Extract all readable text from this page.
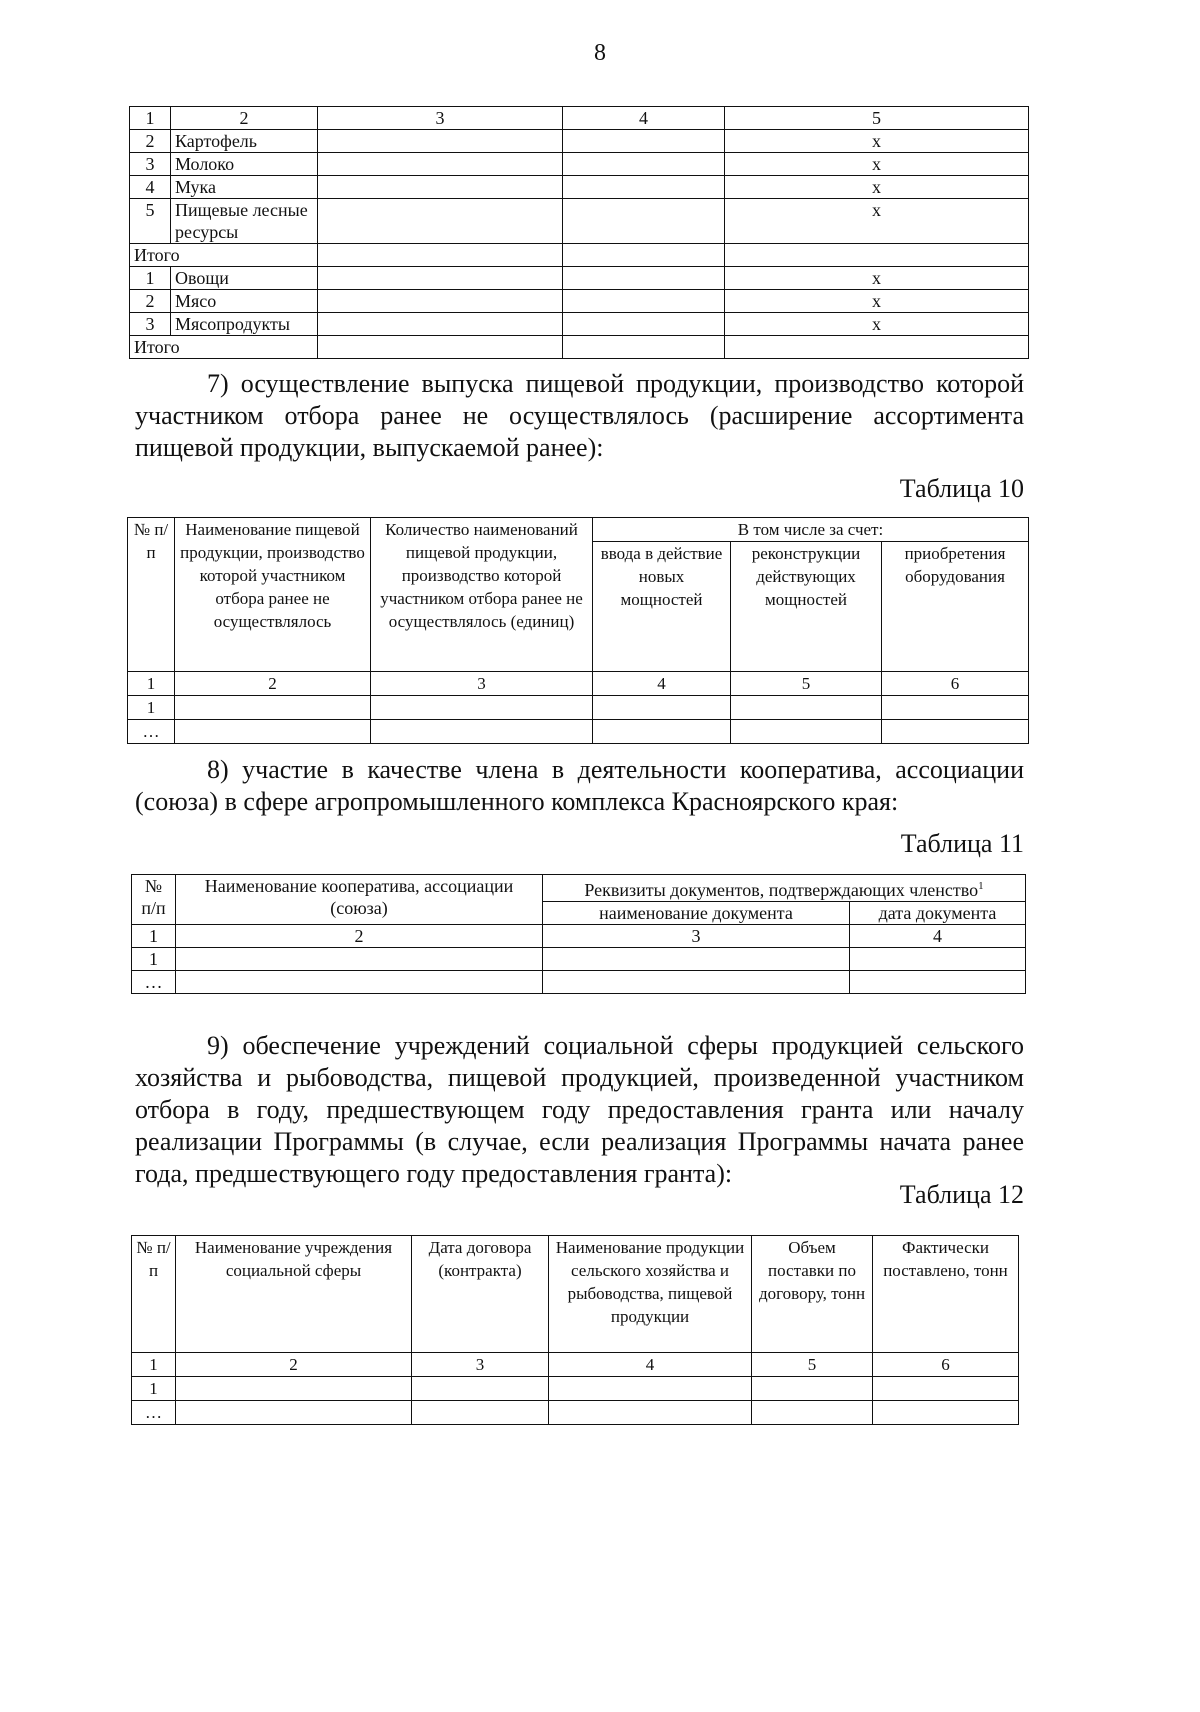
8
1	2	3	4	5
2	Картофель			х
3	Молоко			х
4	Мука			х
5	Пищевые лесные ресурсы			х
Итого				
1	Овощи			х
2	Мясо			х
3	Мясопродукты			х
Итого				

7) осуществление выпуска пищевой продукции, производство которой участником отбора ранее не осуществлялось (расширение ассортимента пищевой продукции, выпускаемой ранее):

Таблица 10
№ п/п	Наименование пищевой продукции, производство которой участником отбора ранее не осуществлялось	Количество наименований пищевой продукции, производство которой участником отбора ранее не осуществлялось (единиц)	В том числе за счет:		
			ввода в действие новых мощностей	реконструкции действующих мощностей	приобретения оборудования
1	2	3	4	5	6
1					
…					

8) участие в качестве члена в деятельности кооператива, ассоциации (союза) в сфере агропромышленного комплекса Красноярского края:

Таблица 11
№ п/п	Наименование кооператива, ассоциации (союза)	Реквизиты документов, подтверждающих членство$^1$
		наименование документа	дата документа
1	2	3	4
1			
…			

9) обеспечение учреждений социальной сферы продукцией сельского хозяйства и рыбоводства, пищевой продукцией, произведенной участником отбора в году, предшествующем году предоставления гранта или началу реализации Программы (в случае, если реализация Программы начата ранее года, предшествующего году предоставления гранта):

Таблица 12
№ п/п	Наименование учреждения социальной сферы	Дата договора (контракта)	Наименование продукции сельского хозяйства и рыбоводства, пищевой продукции	Объем поставки по договору, тонн	Фактически поставлено, тонн
1	2	3	4	5	6
1					
…					
